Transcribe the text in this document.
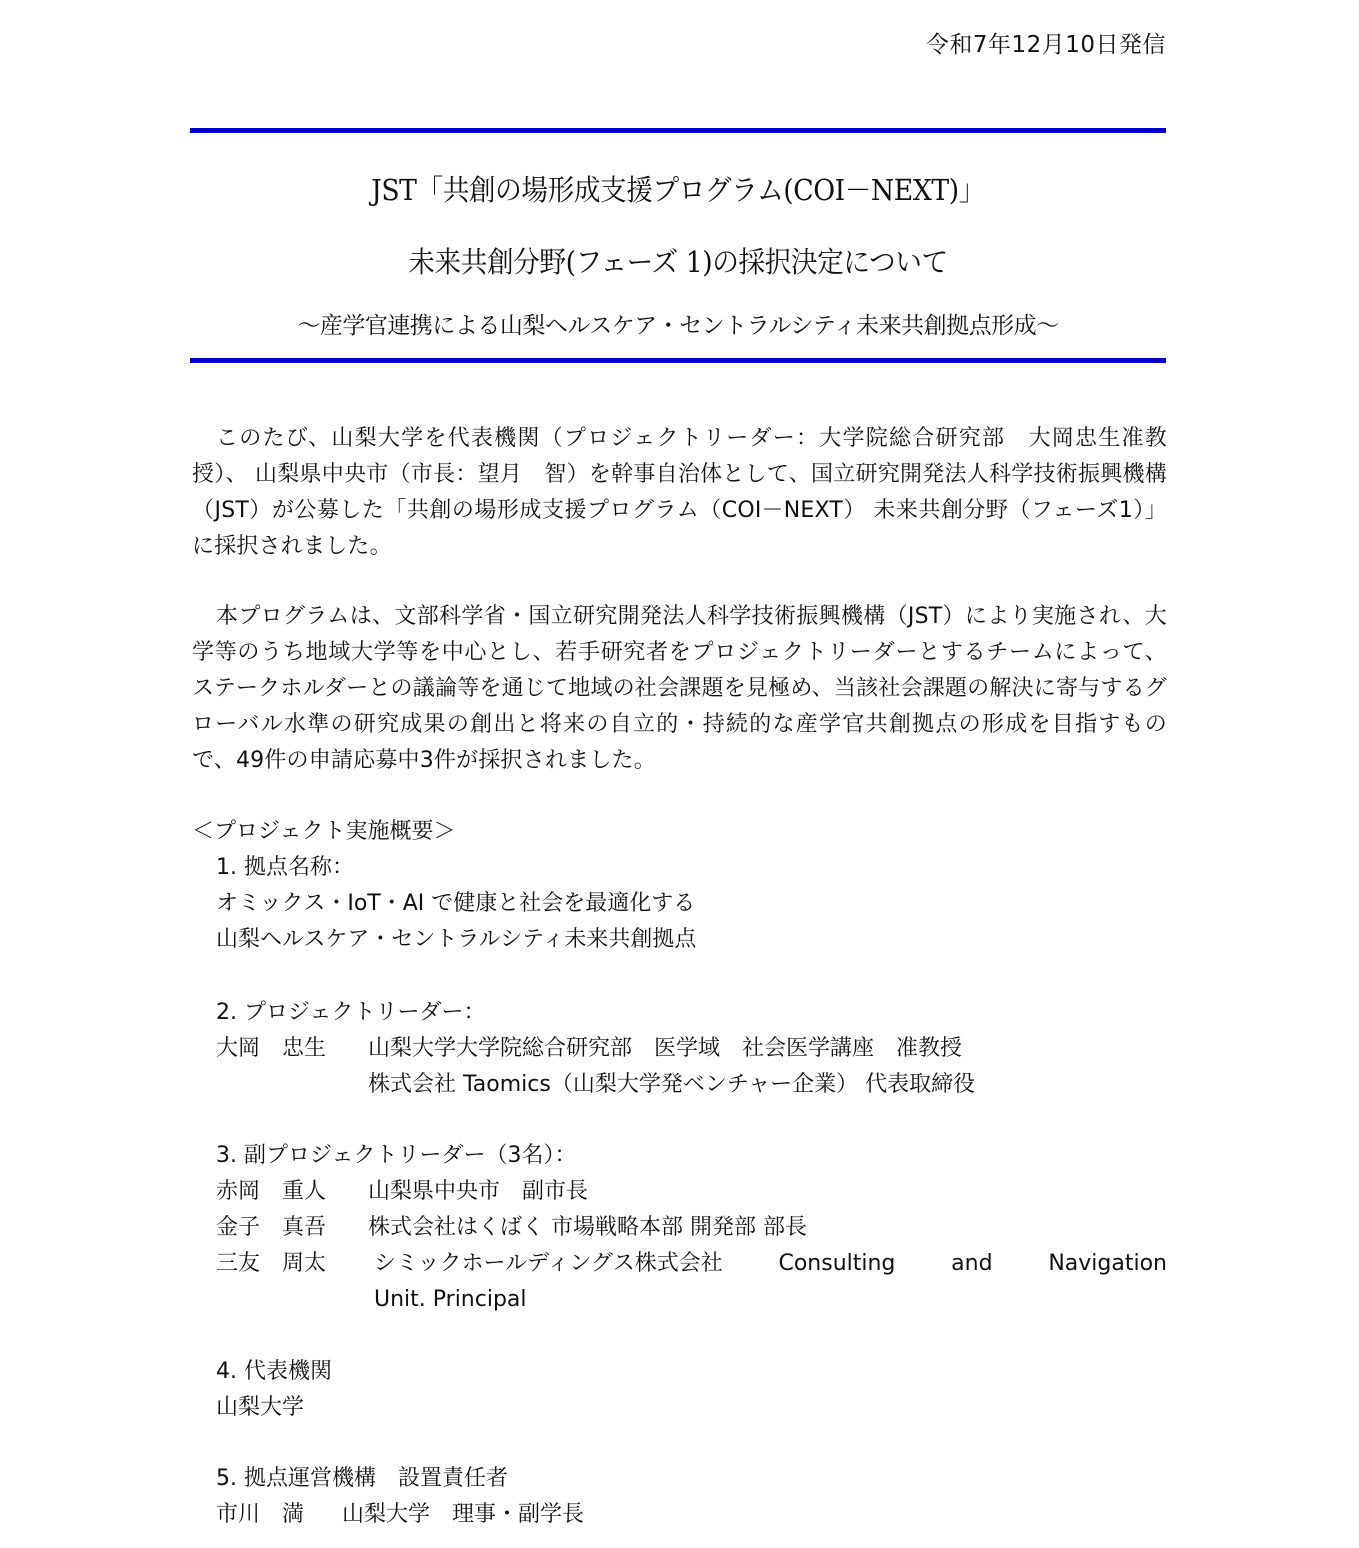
令和7年12月10日発信
JST「共創の場形成支援プログラム(COI－NEXT)」
未来共創分野(フェーズ 1)の採択決定について
～産学官連携による山梨ヘルスケア・セントラルシティ未来共創拠点形成～

このたび、山梨大学を代表機関（プロジェクトリーダー：大学院総合研究部　大岡忠生准教授）、 山梨県中央市（市長：望月　智）を幹事自治体として、国立研究開発法人科学技術振興機構（JST）が公募した「共創の場形成支援プログラム（COI－NEXT） 未来共創分野（フェーズ1）」に採択されました。

本プログラムは、文部科学省・国立研究開発法人科学技術振興機構（JST）により実施され、大学等のうち地域大学等を中心とし、若手研究者をプロジェクトリーダーとするチームによって、ステークホルダーとの議論等を通じて地域の社会課題を見極め、当該社会課題の解決に寄与するグローバル水準の研究成果の創出と将来の自立的・持続的な産学官共創拠点の形成を目指すもので、49件の申請応募中3件が採択されました。

＜プロジェクト実施概要＞
1. 拠点名称：
オミックス・IoT・AI で健康と社会を最適化する
山梨ヘルスケア・セントラルシティ未来共創拠点
2. プロジェクトリーダー：
大岡　忠生	山梨大学大学院総合研究部　医学域　社会医学講座　准教授
株式会社 Taomics（山梨大学発ベンチャー企業） 代表取締役
3. 副プロジェクトリーダー（3名）：
赤岡　重人	山梨県中央市　副市長
金子　真吾	株式会社はくばく 市場戦略本部 開発部 部長
三友　周太	シミックホールディングス株式会社	Consulting	and	Navigation
Unit. Principal
4. 代表機関
山梨大学
5. 拠点運営機構　設置責任者
市川　満	山梨大学　理事・副学長
